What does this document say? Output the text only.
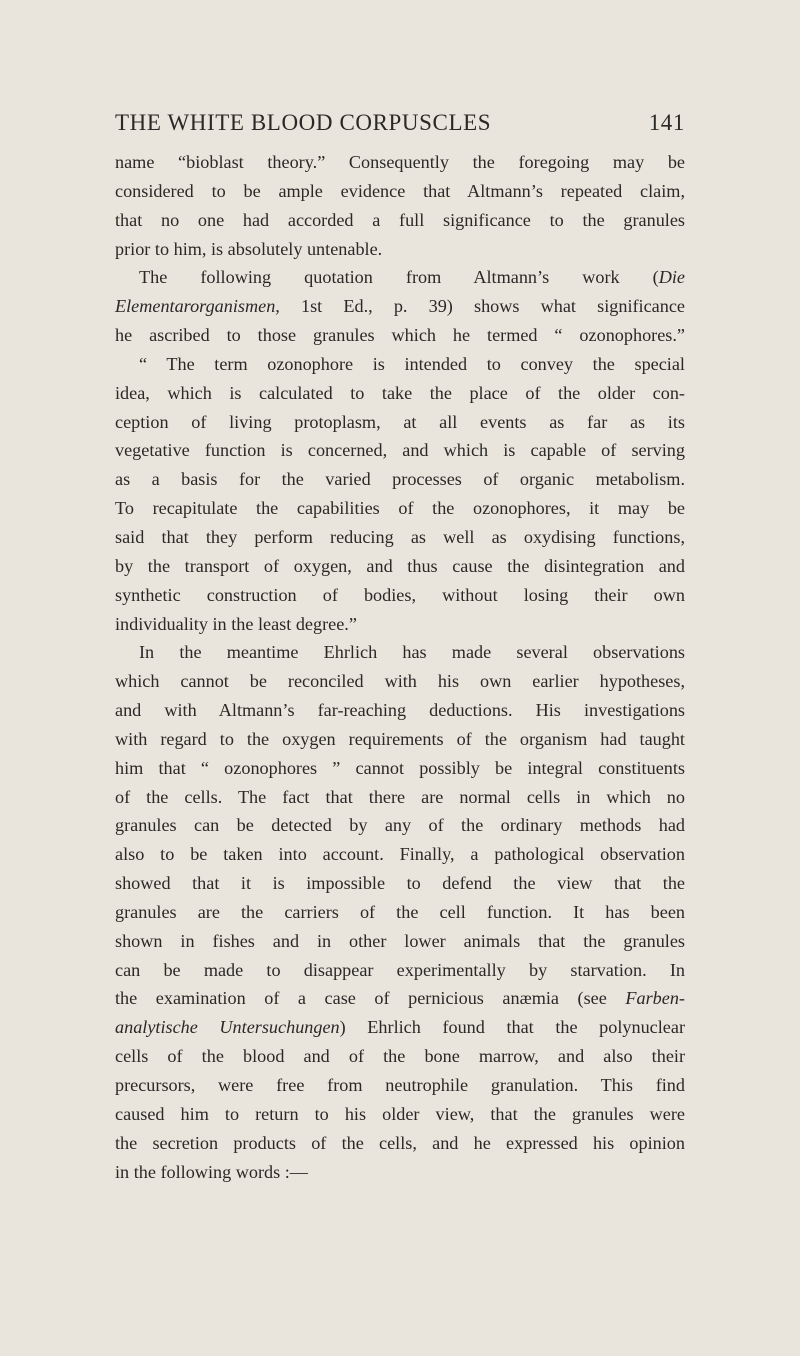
THE WHITE BLOOD CORPUSCLES	141
name “bioblast theory.” Consequently the foregoing may be
considered to be ample evidence that Altmann’s repeated claim,
that no one had accorded a full significance to the granules
prior to him, is absolutely untenable.
The following quotation from Altmann’s work (Die
Elementarorganismen, 1st Ed., p. 39) shows what significance
he ascribed to those granules which he termed “ ozonophores.”
“ The term ozonophore is intended to convey the special
idea, which is calculated to take the place of the older con-
ception of living protoplasm, at all events as far as its
vegetative function is concerned, and which is capable of serving
as a basis for the varied processes of organic metabolism.
To recapitulate the capabilities of the ozonophores, it may be
said that they perform reducing as well as oxydising functions,
by the transport of oxygen, and thus cause the disintegration and
synthetic construction of bodies, without losing their own
individuality in the least degree.”
In the meantime Ehrlich has made several observations
which cannot be reconciled with his own earlier hypotheses,
and with Altmann’s far-reaching deductions. His investigations
with regard to the oxygen requirements of the organism had taught
him that “ ozonophores ” cannot possibly be integral constituents
of the cells. The fact that there are normal cells in which no
granules can be detected by any of the ordinary methods had
also to be taken into account. Finally, a pathological observation
showed that it is impossible to defend the view that the
granules are the carriers of the cell function. It has been
shown in fishes and in other lower animals that the granules
can be made to disappear experimentally by starvation. In
the examination of a case of pernicious anæmia (see Farben-
analytische Untersuchungen) Ehrlich found that the polynuclear
cells of the blood and of the bone marrow, and also their
precursors, were free from neutrophile granulation. This find
caused him to return to his older view, that the granules were
the secretion products of the cells, and he expressed his opinion
in the following words :—
